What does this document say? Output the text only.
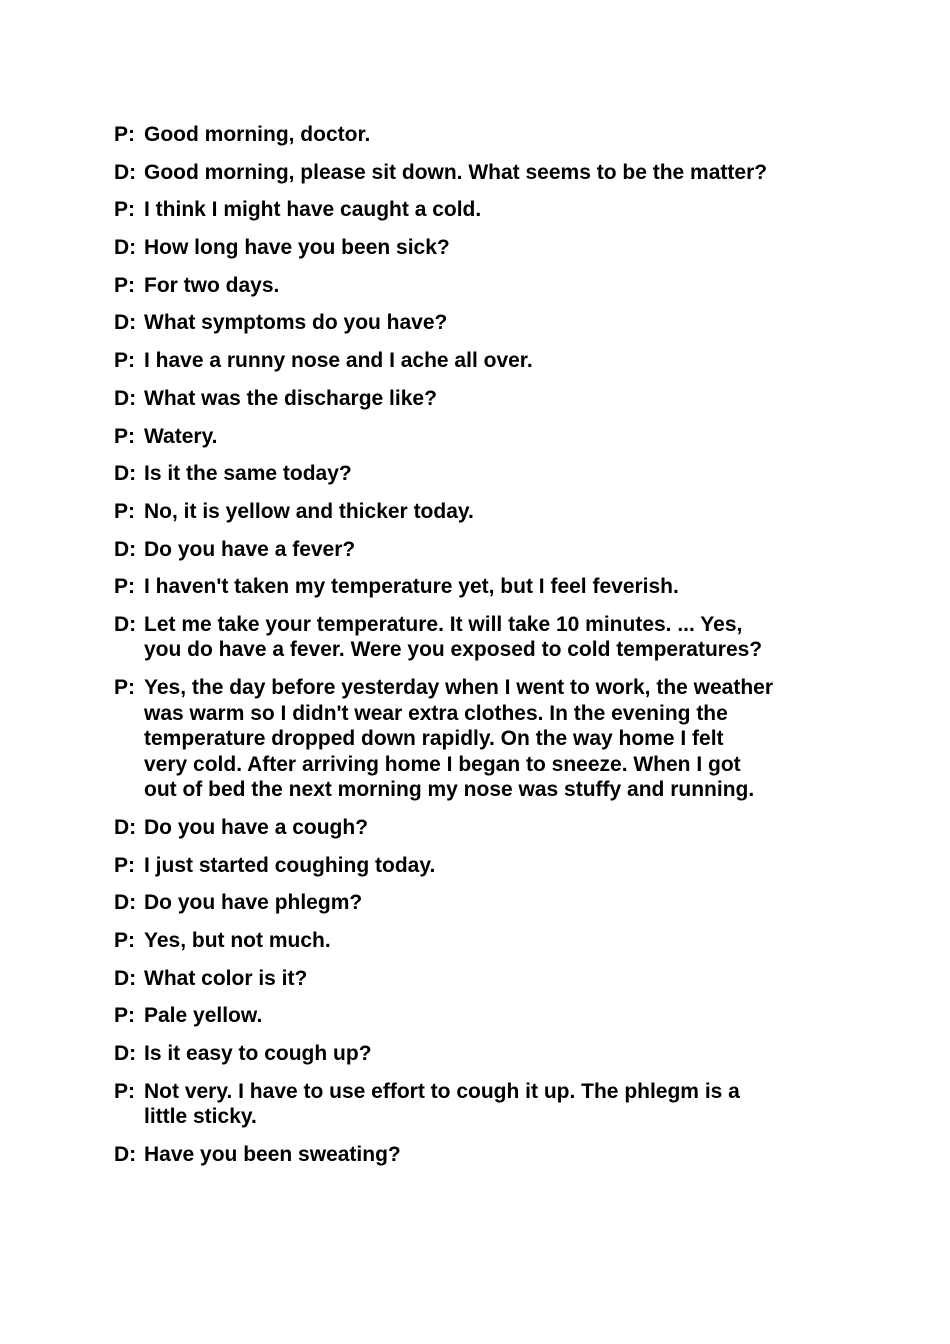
P: Good morning, doctor.
D: Good morning, please sit down. What seems to be the matter?
P: I think I might have caught a cold.
D: How long have you been sick?
P: For two days.
D: What symptoms do you have?
P: I have a runny nose and I ache all over.
D: What was the discharge like?
P: Watery.
D: Is it the same today?
P: No, it is yellow and thicker today.
D: Do you have a fever?
P: I haven't taken my temperature yet, but I feel feverish.
D: Let me take your temperature. It will take 10 minutes. ... Yes,
you do have a fever. Were you exposed to cold temperatures?
P: Yes, the day before yesterday when I went to work, the weather
was warm so I didn't wear extra clothes. In the evening the
temperature dropped down rapidly. On the way home I felt
very cold. After arriving home I began to sneeze. When I got
out of bed the next morning my nose was stuffy and running.
D: Do you have a cough?
P: I just started coughing today.
D: Do you have phlegm?
P: Yes, but not much.
D: What color is it?
P: Pale yellow.
D: Is it easy to cough up?
P: Not very. I have to use effort to cough it up. The phlegm is a
little sticky.
D: Have you been sweating?
